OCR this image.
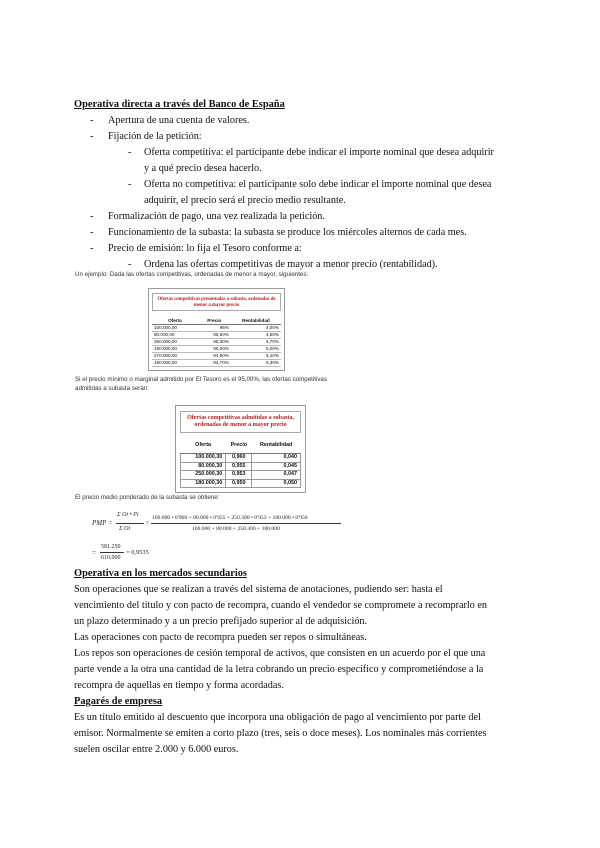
Operativa directa a través del Banco de España
- Apertura de una cuenta de valores.
- Fijación de la petición:
- Oferta competitiva: el participante debe indicar el importe nominal que desea adquirir
y a qué precio desea hacerlo.
- Oferta no competitiva: el participante solo debe indicar el importe nominal que desea
adquirir, el precio será el precio medio resultante.
- Formalización de pago, una vez realizada la petición.
- Funcionamiento de la subasta: la subasta se produce los miércoles alternos de cada mes.
- Precio de emisión: lo fija el Tesoro conforme a:
- Ordena las ofertas competitivas de mayor a menor precio (rentabilidad).
Un ejemplo: Dada las ofertas competitivas, ordenadas de menor a mayor, siguientes:
Ofertas competitivas presentadas a subasta, ordenadas de menor a mayor precio
Oferta	Precio	Rentabilidad
100.000,00	96%	4,00%
80.000,00	95,50%	4,50%
250.000,00	95,30%	4,70%
180.000,00	95,00%	5,00%
270.000,00	94,90%	5,10%
180.000,00	94,70%	5,30%
Si el precio mínimo o marginal admitido por El Tesoro es el 95,00%, las ofertas competitivas
admitidas a subasta serán:
Ofertas competitivas admitidas a subasta, ordenadas de menor a mayor precio
Oferta	Precio	Rentabilidad
100.000,30	0,960	0,040
80.000,30	0,955	0,045
250.000,30	0,953	0,047
180.000,30	0,950	0,050
El precio medio ponderado de la subasta se obtiene:
PMP =
Σ Oi • Pi
Σ Oi
=
100.000 • 0'960 + 80.000 • 0'955 + 250.300 • 0'953 + 180.000 • 0'950
100.000 + 80.000 + 250.300 + 180.000
=
581.250
610.000
= 0,9535
Operativa en los mercados secundarios
Son operaciones que se realizan a través del sistema de anotaciones, pudiendo ser: hasta el
vencimiento del título y con pacto de recompra, cuando el vendedor se compromete a recomprarlo en
un plazo determinado y a un precio prefijado superior al de adquisición.
Las operaciones con pacto de recompra pueden ser repos o simultáneas.
Los repos son operaciones de cesión temporal de activos, que consisten en un acuerdo por el que una
parte vende a la otra una cantidad de la letra cobrando un precio específico y comprometiéndose a la
recompra de aquellas en tiempo y forma acordadas.
Pagarés de empresa
Es un título emitido al descuento que incorpora una obligación de pago al vencimiento por parte del
emisor. Normalmente se emiten a corto plazo (tres, seis o doce meses). Los nominales más corrientes
suelen oscilar entre 2.000 y 6.000 euros.
